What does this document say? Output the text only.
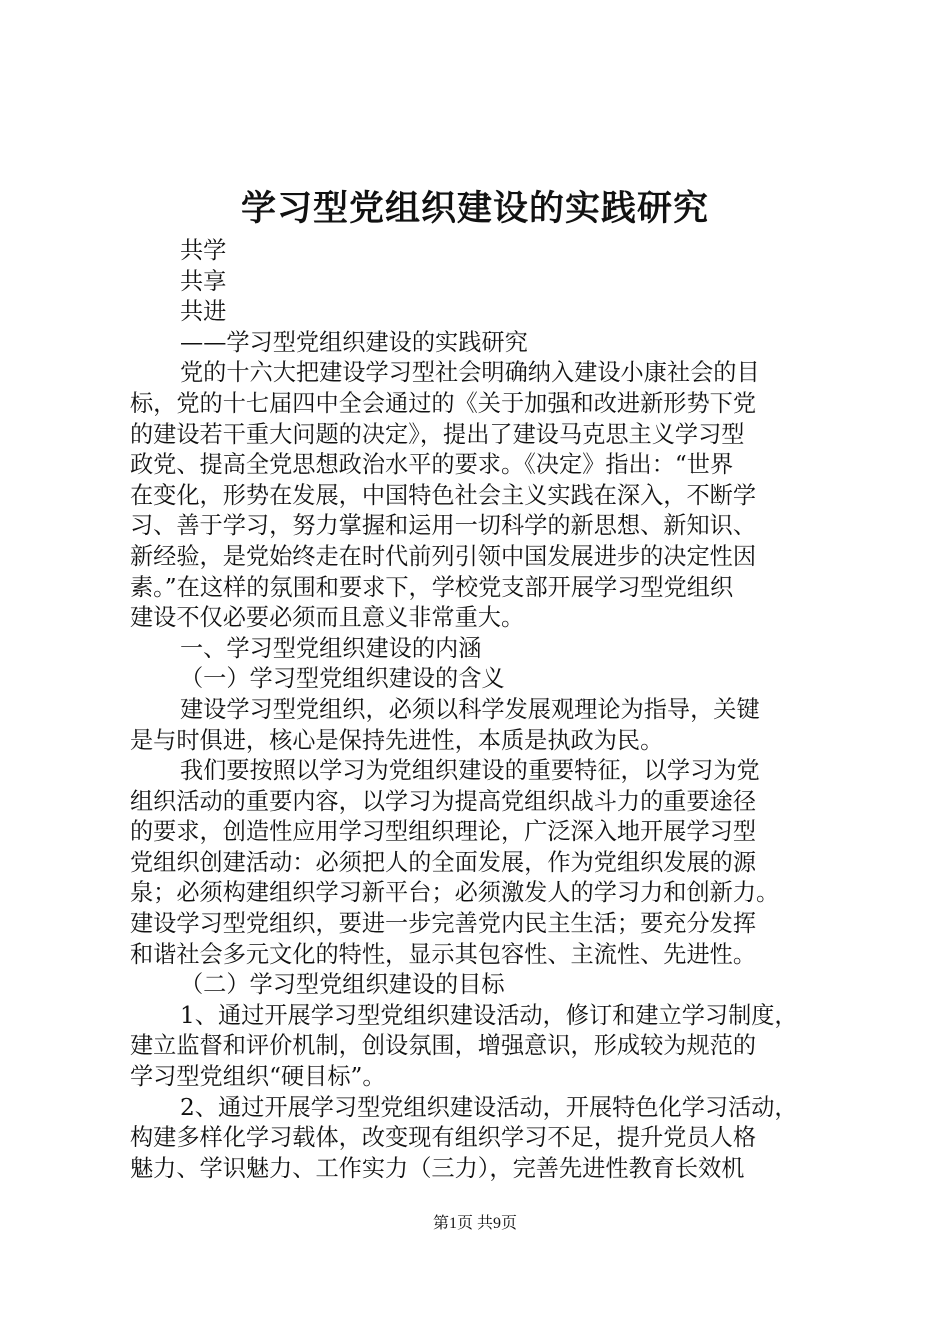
学习型党组织建设的实践研究
共学
共享
共进
——学习型党组织建设的实践研究
党的十六大把建设学习型社会明确纳入建设小康社会的目
标，党的十七届四中全会通过的《关于加强和改进新形势下党
的建设若干重大问题的决定》，提出了建设马克思主义学习型
政党、提高全党思想政治水平的要求。《决定》指出：“世界
在变化，形势在发展，中国特色社会主义实践在深入，不断学
习、善于学习，努力掌握和运用一切科学的新思想、新知识、
新经验，是党始终走在时代前列引领中国发展进步的决定性因
素。”在这样的氛围和要求下，学校党支部开展学习型党组织
建设不仅必要必须而且意义非常重大。
一、学习型党组织建设的内涵
（一）学习型党组织建设的含义
建设学习型党组织，必须以科学发展观理论为指导，关键
是与时俱进，核心是保持先进性，本质是执政为民。
我们要按照以学习为党组织建设的重要特征，以学习为党
组织活动的重要内容，以学习为提高党组织战斗力的重要途径
的要求，创造性应用学习型组织理论，广泛深入地开展学习型
党组织创建活动：必须把人的全面发展，作为党组织发展的源
泉；必须构建组织学习新平台；必须激发人的学习力和创新力。
建设学习型党组织，要进一步完善党内民主生活；要充分发挥
和谐社会多元文化的特性，显示其包容性、主流性、先进性。
（二）学习型党组织建设的目标
1、通过开展学习型党组织建设活动，修订和建立学习制度，
建立监督和评价机制，创设氛围，增强意识，形成较为规范的
学习型党组织“硬目标”。
2、通过开展学习型党组织建设活动，开展特色化学习活动，
构建多样化学习载体，改变现有组织学习不足，提升党员人格
魅力、学识魅力、工作实力（三力），完善先进性教育长效机
第1页 共9页
